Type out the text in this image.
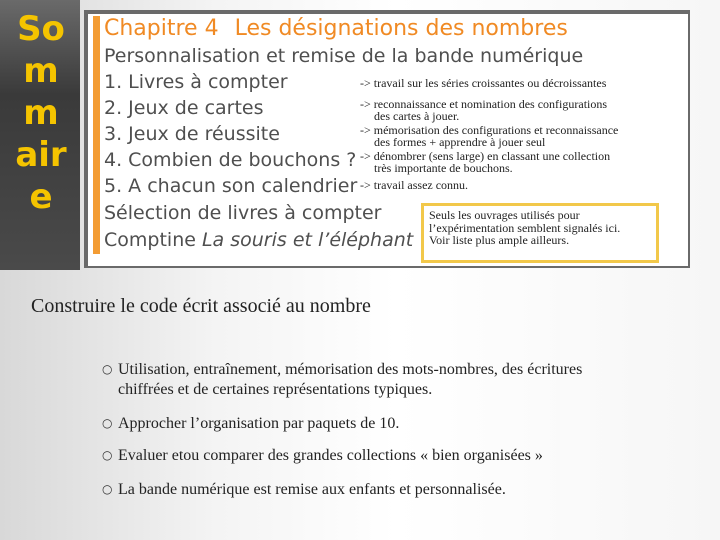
So
m
m
air
e
Chapitre 4 Les désignations des nombres
Personnalisation et remise de la bande numérique
1. Livres à compter
2. Jeux de cartes
3. Jeux de réussite
4. Combien de bouchons ?
5. A chacun son calendrier
Sélection de livres à compter
Comptine La souris et l’éléphant
-> travail sur les séries croissantes ou décroissantes
-> reconnaissance et nomination des configurations
des cartes à jouer.
-> mémorisation des configurations et reconnaissance
des formes + apprendre à jouer seul
-> dénombrer (sens large) en classant une collection
très importante de bouchons.
-> travail assez connu.
Seuls les ouvrages utilisés pour
l’expérimentation semblent signalés ici.
Voir liste plus ample ailleurs.
Construire le code écrit associé au nombre
○ Utilisation, entraînement, mémorisation des mots-nombres, des écritures
chiffrées et de certaines représentations typiques.
○ Approcher l’organisation par paquets de 10.
○ Evaluer etou comparer des grandes collections « bien organisées »
○ La bande numérique est remise aux enfants et personnalisée.
